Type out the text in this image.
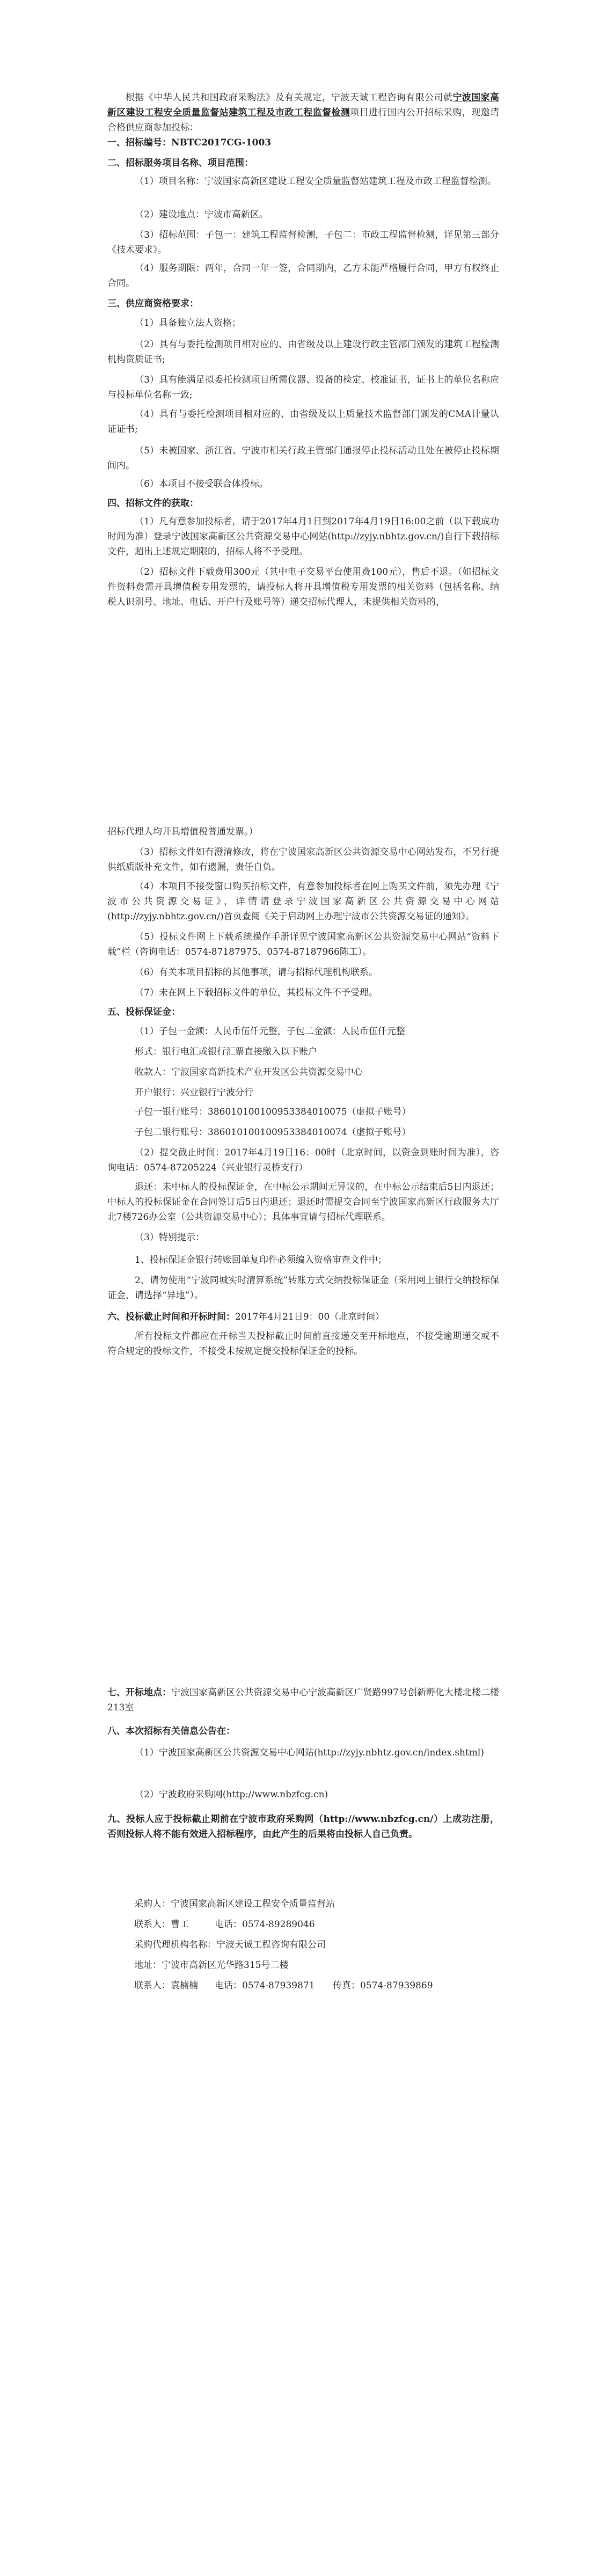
根据《中华人民共和国政府采购法》及有关规定，宁波天诚工程咨询有限公司就宁波国家高新区建设工程安全质量监督站建筑工程及市政工程监督检测项目进行国内公开招标采购，现邀请合格供应商参加投标：

一、招标编号：NBTC2017CG-1003

二、招标服务项目名称、项目范围：

（1）项目名称：宁波国家高新区建设工程安全质量监督站建筑工程及市政工程监督检测。

（2）建设地点：宁波市高新区。

（3）招标范围：子包一：建筑工程监督检测，子包二：市政工程监督检测，详见第三部分《技术要求》。

（4）服务期限：两年，合同一年一签，合同期内，乙方未能严格履行合同，甲方有权终止合同。

三、供应商资格要求：

（1）具备独立法人资格；

（2）具有与委托检测项目相对应的、由省级及以上建设行政主管部门颁发的建筑工程检测机构资质证书;

（3）具有能满足拟委托检测项目所需仪器、设备的检定、校准证书，证书上的单位名称应与投标单位名称一致;

（4）具有与委托检测项目相对应的、由省级及以上质量技术监督部门颁发的CMA计量认证证书;

（5）未被国家、浙江省、宁波市相关行政主管部门通报停止投标活动且处在被停止投标期间内。

（6）本项目不接受联合体投标。

四、招标文件的获取：

（1）凡有意参加投标者，请于2017年4月1日到2017年4月19日16:00之前（以下载成功时间为准）登录宁波国家高新区公共资源交易中心网站(http://zyjy.nbhtz.gov.cn/)自行下载招标文件，超出上述规定期限的，招标人将不予受理。

（2）招标文件下载费用300元（其中电子交易平台使用费100元），售后不退。（如招标文件资料费需开具增值税专用发票的，请投标人将开具增值税专用发票的相关资料（包括名称、纳税人识别号、地址、电话、开户行及账号等）递交招标代理人，未提供相关资料的，

招标代理人均开具增值税普通发票。）

（3）招标文件如有澄清修改，将在宁波国家高新区公共资源交易中心网站发布，不另行提供纸质版补充文件，如有遗漏，责任自负。

（4）本项目不接受窗口购买招标文件，有意参加投标者在网上购买文件前，须先办理《宁波市公共资源交易证》，详情请登录宁波国家高新区公共资源交易中心网站(http://zyjy.nbhtz.gov.cn/)首页查阅《关于启动网上办理宁波市公共资源交易证的通知》。

（5）投标文件网上下载系统操作手册详见宁波国家高新区公共资源交易中心网站“资料下载”栏（咨询电话：0574-87187975、0574-87187966陈工）。

（6）有关本项目招标的其他事项，请与招标代理机构联系。

（7）未在网上下载招标文件的单位，其投标文件不予受理。

五、投标保证金：

（1）子包一金额：人民币伍仟元整，子包二金额：人民币伍仟元整

形式：银行电汇或银行汇票直接缴入以下账户

收款人：宁波国家高新技术产业开发区公共资源交易中心

开户银行：兴业银行宁波分行

子包一银行账号：386010100100953384010075（虚拟子账号）

子包二银行账号：386010100100953384010074（虚拟子账号）

（2）提交截止时间：2017年4月19日16：00时（北京时间，以资金到账时间为准），咨询电话：0574-87205224（兴业银行灵桥支行）

退还：未中标人的投标保证金，在中标公示期间无异议的，在中标公示结束后5日内退还；中标人的投标保证金在合同签订后5日内退还；退还时需提交合同至宁波国家高新区行政服务大厅北7楼726办公室（公共资源交易中心）；具体事宜请与招标代理联系。

（3）特别提示：

1、投标保证金银行转账回单复印件必须编入资格审查文件中；

2、请勿使用“宁波同城实时清算系统”转账方式交纳投标保证金（采用网上银行交纳投标保证金，请选择“异地”）。

六、投标截止时间和开标时间：2017年4月21日9：00（北京时间）

所有投标文件都应在开标当天投标截止时间前直接递交至开标地点，不接受逾期递交或不符合规定的投标文件，不接受未按规定提交投标保证金的投标。

七、开标地点：宁波国家高新区公共资源交易中心宁波高新区广贤路997号创新孵化大楼北楼二楼213室

八、本次招标有关信息公告在：

（1）宁波国家高新区公共资源交易中心网站(http://zyjy.nbhtz.gov.cn/index.shtml)

（2）宁波政府采购网(http://www.nbzfcg.cn)

九、投标人应于投标截止期前在宁波市政府采购网（http://www.nbzfcg.cn/）上成功注册，否则投标人将不能有效进入招标程序，由此产生的后果将由投标人自己负责。

采购人：宁波国家高新区建设工程安全质量监督站

联系人：曹工	电话：0574-89289046

采购代理机构名称：宁波天诚工程咨询有限公司

地址：宁波市高新区光华路315号二楼

联系人：袁楠楠	电话：0574-87939871	传真：0574-87939869
